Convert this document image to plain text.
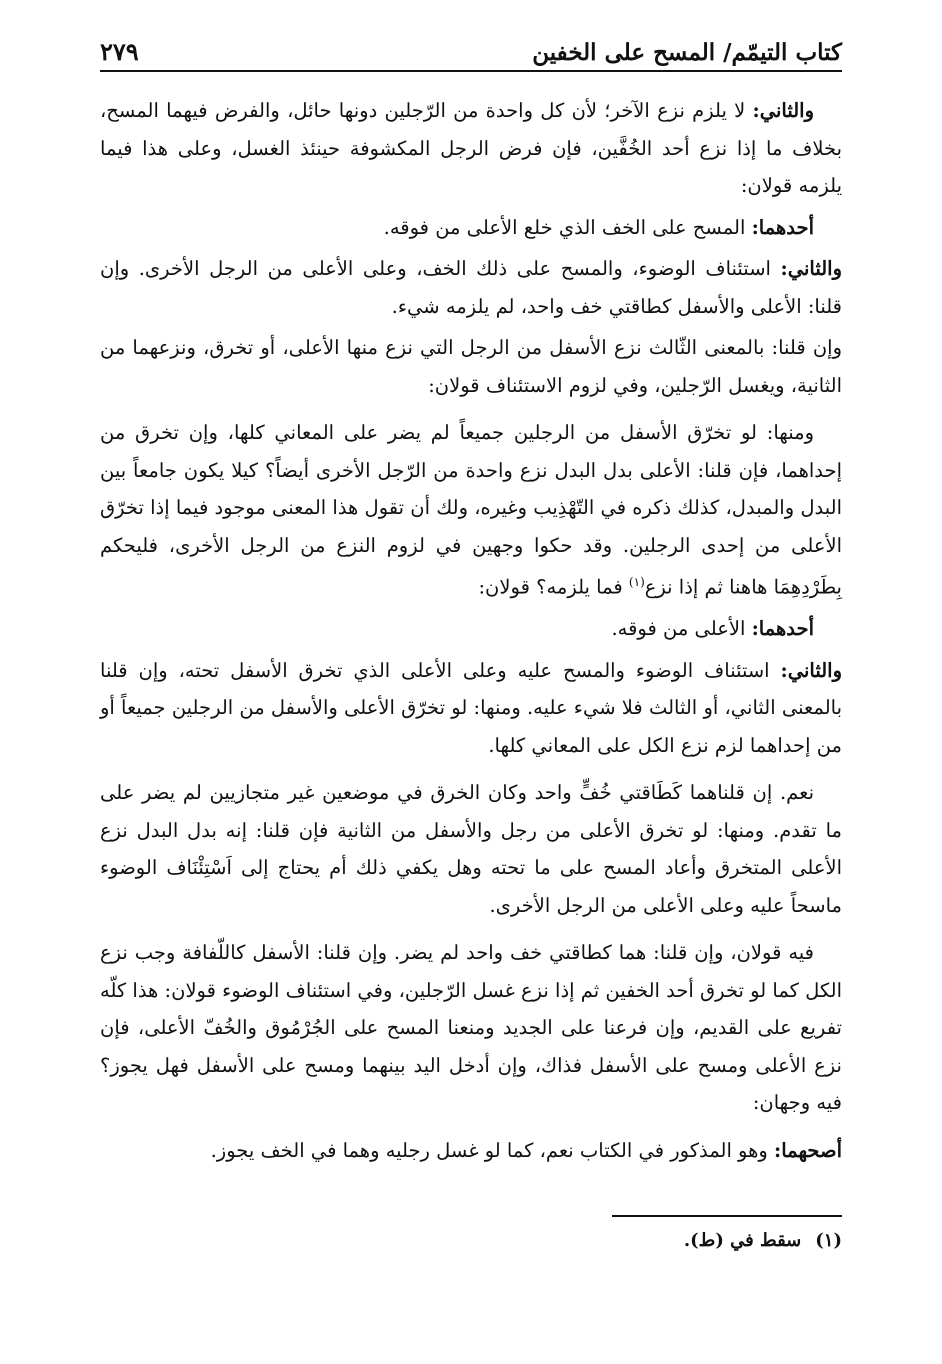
كتاب التيمّم/ المسح على الخفين
٢٧٩

والثاني: لا يلزم نزع الآخر؛ لأن كل واحدة من الرّجلين دونها حائل، والفرض فيهما المسح، بخلاف ما إذا نزع أحد الخُفَّين، فإن فرض الرجل المكشوفة حينئذ الغسل، وعلى هذا فيما يلزمه قولان:

أحدهما: المسح على الخف الذي خلع الأعلى من فوقه.

والثاني: استئناف الوضوء، والمسح على ذلك الخف، وعلى الأعلى من الرجل الأخرى. وإن قلنا: الأعلى والأسفل كطاقتي خف واحد، لم يلزمه شيء.

وإن قلنا: بالمعنى الثّالث نزع الأسفل من الرجل التي نزع منها الأعلى، أو تخرق، ونزعهما من الثانية، ويغسل الرّجلين، وفي لزوم الاستئناف قولان:

ومنها: لو تخرّق الأسفل من الرجلين جميعاً لم يضر على المعاني كلها، وإن تخرق من إحداهما، فإن قلنا: الأعلى بدل البدل نزع واحدة من الرّجل الأخرى أيضاً؟ كيلا يكون جامعاً بين البدل والمبدل، كذلك ذكره في التّهْذِيب وغيره، ولك أن تقول هذا المعنى موجود فيما إذا تخرّق الأعلى من إحدى الرجلين. وقد حكوا وجهين في لزوم النزع من الرجل الأخرى، فليحكم بِطَرْدِهِمَا هاهنا ثم إذا نزع$^{(١)}$ فما يلزمه؟ قولان:

أحدهما: الأعلى من فوقه.

والثاني: استئناف الوضوء والمسح عليه وعلى الأعلى الذي تخرق الأسفل تحته، وإن قلنا بالمعنى الثاني، أو الثالث فلا شيء عليه. ومنها: لو تخرّق الأعلى والأسفل من الرجلين جميعاً أو من إحداهما لزم نزع الكل على المعاني كلها.

نعم. إن قلناهما كَطَاقتي خُفٍّ واحد وكان الخرق في موضعين غير متجازيين لم يضر على ما تقدم. ومنها: لو تخرق الأعلى من رجل والأسفل من الثانية فإن قلنا: إنه بدل البدل نزع الأعلى المتخرق وأعاد المسح على ما تحته وهل يكفي ذلك أم يحتاج إلى اَسْتِئْنَاف الوضوء ماسحاً عليه وعلى الأعلى من الرجل الأخرى.

فيه قولان، وإن قلنا: هما كطاقتي خف واحد لم يضر. وإن قلنا: الأسفل كاللّفافة وجب نزع الكل كما لو تخرق أحد الخفين ثم إذا نزع غسل الرّجلين، وفي استئناف الوضوء قولان: هذا كلّه تفريع على القديم، وإن فرعنا على الجديد ومنعنا المسح على الجُرْمُوق والخُفّ الأعلى، فإن نزع الأعلى ومسح على الأسفل فذاك، وإن أدخل اليد بينهما ومسح على الأسفل فهل يجوز؟ فيه وجهان:

أصحهما: وهو المذكور في الكتاب نعم، كما لو غسل رجليه وهما في الخف يجوز.

(١)سقط في (ط).
